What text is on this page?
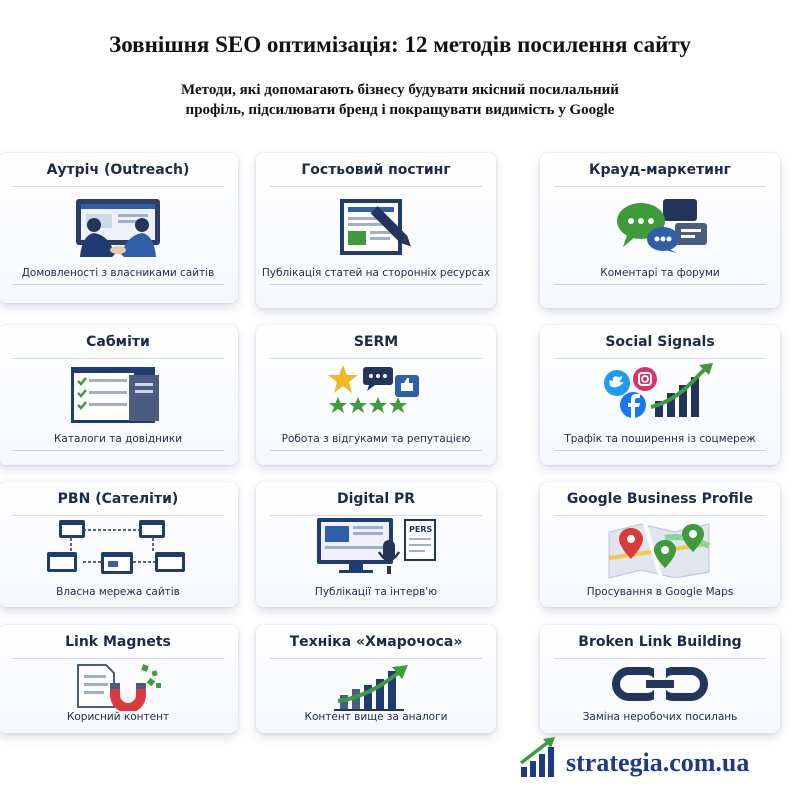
Зовнішня SEO оптимізація: 12 методів посилення сайту

Методи, які допомагають бізнесу будувати якісний посилальний
профіль, підсилювати бренд і покращувати видимість у Google

Аутріч (Outreach)
Домовленості з власниками сайтів
Гостьовий постинг
Публікація статей на сторонніх ресурсах
Крауд-маркетинг
Коментарі та форуми
Сабміти
Каталоги та довідники
SERM
Робота з відгуками та репутацією
Social Signals
Трафік та поширення із соцмереж
PBN (Сателіти)
Власна мережа сайтів
Digital PR
PERS
Публікації та інтерв'ю
Google Business Profile
Просування в Google Maps
Link Magnets
Корисний контент
Техніка «Хмарочоса»
Контент вище за аналоги
Broken Link Building
Заміна неробочих посилань
strategia.com.ua
